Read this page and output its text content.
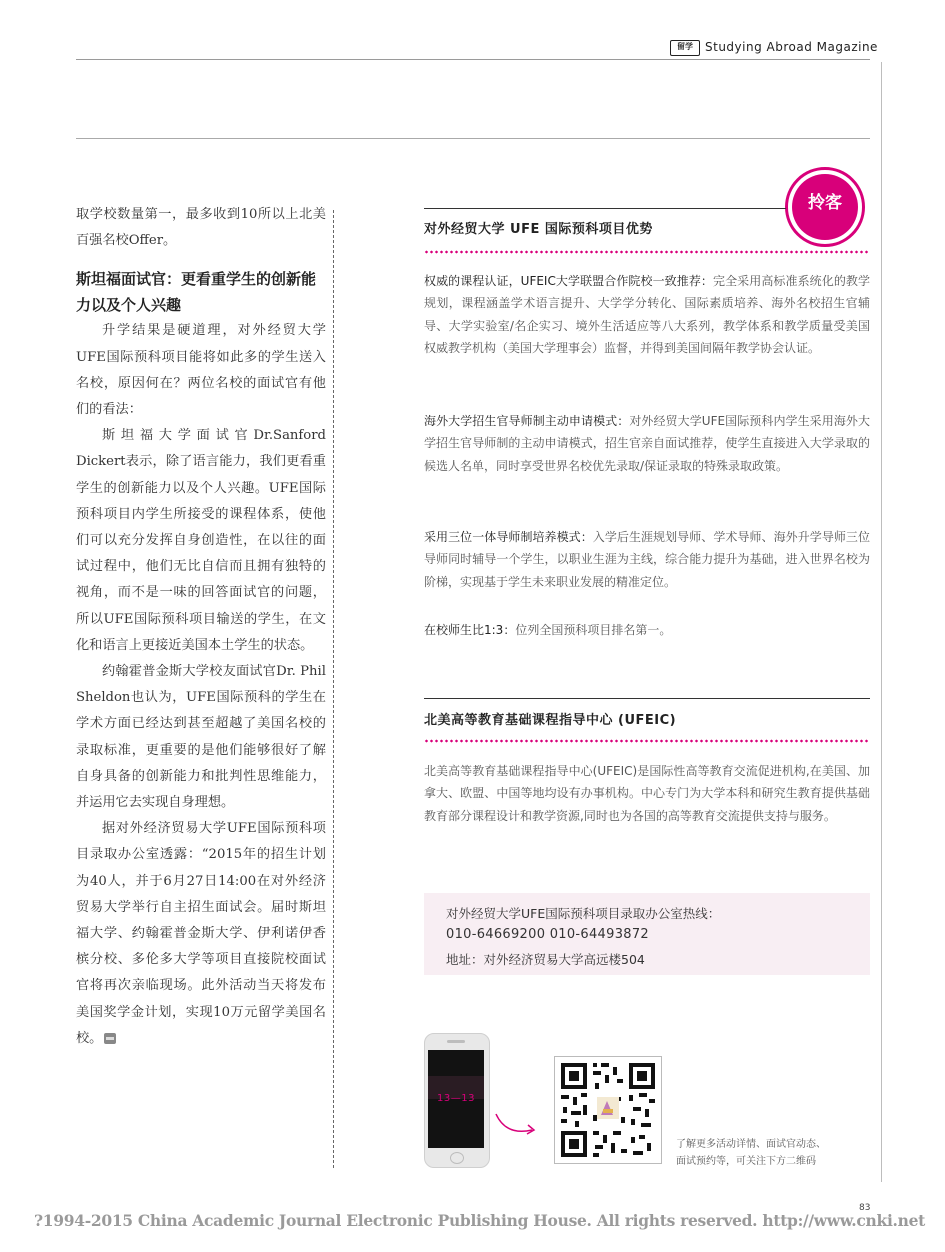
留学	Studying Abroad Magazine

取学校数量第一，最多收到10所以上北美百强名校Offer。

斯坦福面试官：更看重学生的创新能力以及个人兴趣

升学结果是硬道理，对外经贸大学UFE国际预科项目能将如此多的学生送入名校，原因何在？两位名校的面试官有他们的看法：

斯坦福大学面试官Dr.Sanford Dickert表示，除了语言能力，我们更看重学生的创新能力以及个人兴趣。UFE国际预科项目内学生所接受的课程体系，使他们可以充分发挥自身创造性，在以往的面试过程中，他们无比自信而且拥有独特的视角，而不是一味的回答面试官的问题，所以UFE国际预科项目输送的学生，在文化和语言上更接近美国本土学生的状态。

约翰霍普金斯大学校友面试官Dr. Phil Sheldon也认为，UFE国际预科的学生在学术方面已经达到甚至超越了美国名校的录取标准，更重要的是他们能够很好了解自身具备的创新能力和批判性思维能力，并运用它去实现自身理想。

据对外经济贸易大学UFE国际预科项目录取办公室透露：“2015年的招生计划为40人，并于6月27日14:00在对外经济贸易大学举行自主招生面试会。届时斯坦福大学、约翰霍普金斯大学、伊利诺伊香槟分校、多伦多大学等项目直接院校面试官将再次亲临现场。此外活动当天将发布美国奖学金计划，实现10万元留学美国名校。

拎客
对外经贸大学 UFE 国际预科项目优势

权威的课程认证，UFEIC大学联盟合作院校一致推荐：完全采用高标准系统化的教学规划，课程涵盖学术语言提升、大学学分转化、国际素质培养、海外名校招生官辅导、大学实验室/名企实习、境外生活适应等八大系列，教学体系和教学质量受美国权威教学机构（美国大学理事会）监督，并得到美国间隔年教学协会认证。

海外大学招生官导师制主动申请模式：对外经贸大学UFE国际预科内学生采用海外大学招生官导师制的主动申请模式，招生官亲自面试推荐，使学生直接进入大学录取的候选人名单，同时享受世界名校优先录取/保证录取的特殊录取政策。

采用三位一体导师制培养模式：入学后生涯规划导师、学术导师、海外升学导师三位导师同时辅导一个学生，以职业生涯为主线，综合能力提升为基础，进入世界名校为阶梯，实现基于学生未来职业发展的精准定位。

在校师生比1:3：位列全国预科项目排名第一。

北美高等教育基础课程指导中心 (UFEIC)

北美高等教育基础课程指导中心(UFEIC)是国际性高等教育交流促进机构,在美国、加拿大、欧盟、中国等地均设有办事机构。中心专门为大学本科和研究生教育提供基础教育部分课程设计和教学资源,同时也为各国的高等教育交流提供支持与服务。

对外经贸大学UFE国际预科项目录取办公室热线：
010-64669200 010-64493872
地址：对外经济贸易大学高远楼504
13—13
了解更多活动详情、面试官动态、
面试预约等，可关注下方二维码
83
?1994-2015 China Academic Journal Electronic Publishing House. All rights reserved. http://www.cnki.net
